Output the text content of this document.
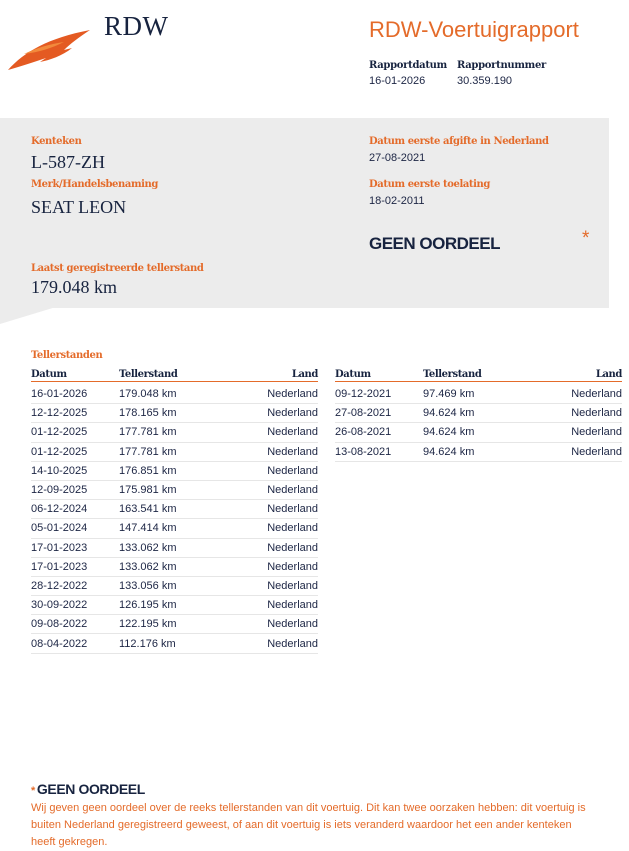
RDW	RDW-Voertuigrapport
Rapportdatum
16-01-2026
Rapportnummer
30.359.190
Kenteken
L-587-ZH
Merk/Handelsbenaming
SEAT LEON
Laatst geregistreerde tellerstand
179.048 km
Datum eerste afgifte in Nederland
27-08-2021
Datum eerste toelating
18-02-2011
GEEN OORDEEL	*
Tellerstanden
Datum	Tellerstand	Land
16-01-2026	179.048 km	Nederland
12-12-2025	178.165 km	Nederland
01-12-2025	177.781 km	Nederland
01-12-2025	177.781 km	Nederland
14-10-2025	176.851 km	Nederland
12-09-2025	175.981 km	Nederland
06-12-2024	163.541 km	Nederland
05-01-2024	147.414 km	Nederland
17-01-2023	133.062 km	Nederland
17-01-2023	133.062 km	Nederland
28-12-2022	133.056 km	Nederland
30-09-2022	126.195 km	Nederland
09-08-2022	122.195 km	Nederland
08-04-2022	112.176 km	Nederland
Datum	Tellerstand	Land
09-12-2021	97.469 km	Nederland
27-08-2021	94.624 km	Nederland
26-08-2021	94.624 km	Nederland
13-08-2021	94.624 km	Nederland
* GEEN OORDEEL
Wij geven geen oordeel over de reeks tellerstanden van dit voertuig. Dit kan twee oorzaken hebben: dit voertuig is buiten Nederland geregistreerd geweest, of aan dit voertuig is iets veranderd waardoor het een ander kenteken heeft gekregen.
